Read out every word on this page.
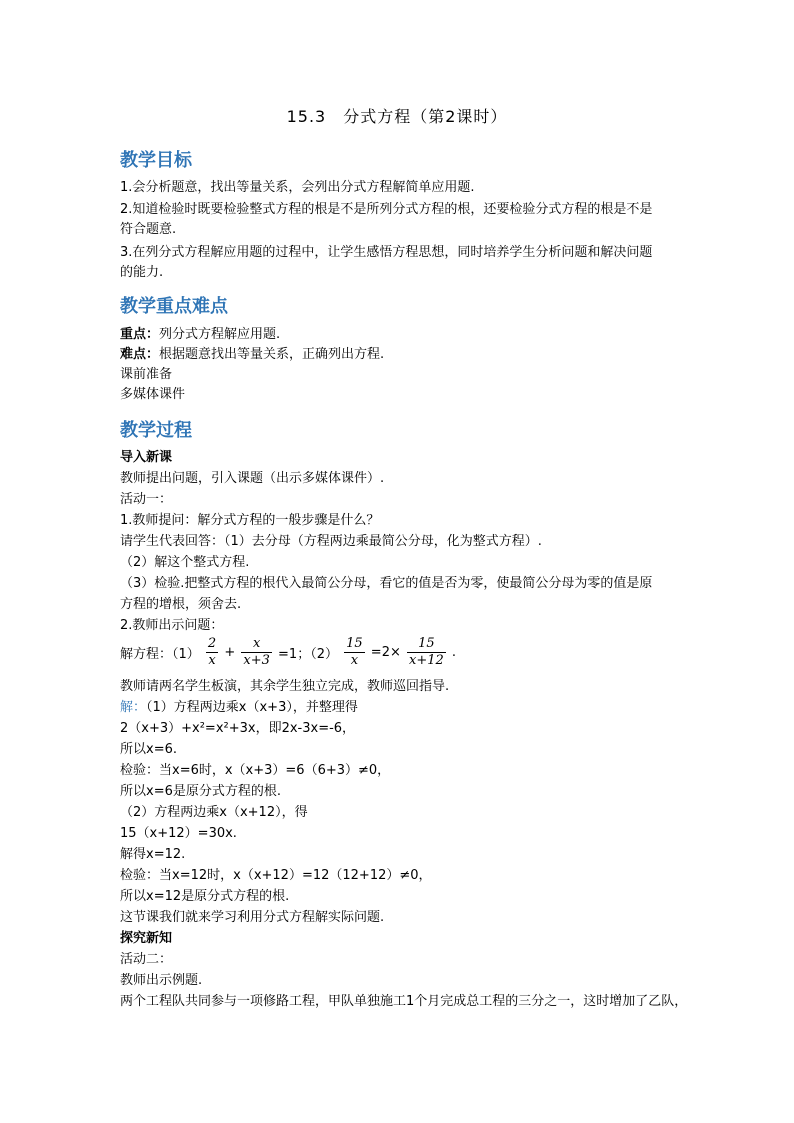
15.3　分式方程（第2课时）
教学目标
1.会分析题意，找出等量关系，会列出分式方程解简单应用题.
2.知道检验时既要检验整式方程的根是不是所列分式方程的根，还要检验分式方程的根是不是
符合题意.
3.在列分式方程解应用题的过程中，让学生感悟方程思想，同时培养学生分析问题和解决问题
的能力.
教学重点难点
重点：列分式方程解应用题.
难点：根据题意找出等量关系，正确列出方程.
课前准备
多媒体课件
教学过程
导入新课
教师提出问题，引入课题（出示多媒体课件）.
活动一：
1.教师提问：解分式方程的一般步骤是什么？
请学生代表回答：（1）去分母（方程两边乘最简公分母，化为整式方程）.
（2）解这个整式方程.
（3）检验.把整式方程的根代入最简公分母，看它的值是否为零，使最简公分母为零的值是原
方程的增根，须舍去.
2.教师出示问题：
解方程：$(1) \frac{2}{x} + \frac{x}{x+3} =1$；$(2) \frac{15}{x} =2\times \frac{15}{x+12}$ .
教师请两名学生板演，其余学生独立完成，教师巡回指导.
解：（1）方程两边乘x（x+3），并整理得
2（x+3）+x²=x²+3x，即2x-3x=-6，
所以x=6.
检验：当x=6时，x（x+3）=6（6+3）≠0，
所以x=6是原分式方程的根.
（2）方程两边乘x（x+12），得
15（x+12）=30x.
解得x=12.
检验：当x=12时，x（x+12）=12（12+12）≠0，
所以x=12是原分式方程的根.
这节课我们就来学习利用分式方程解实际问题.
探究新知
活动二：
教师出示例题.
两个工程队共同参与一项修路工程，甲队单独施工1个月完成总工程的三分之一，这时增加了乙队，
